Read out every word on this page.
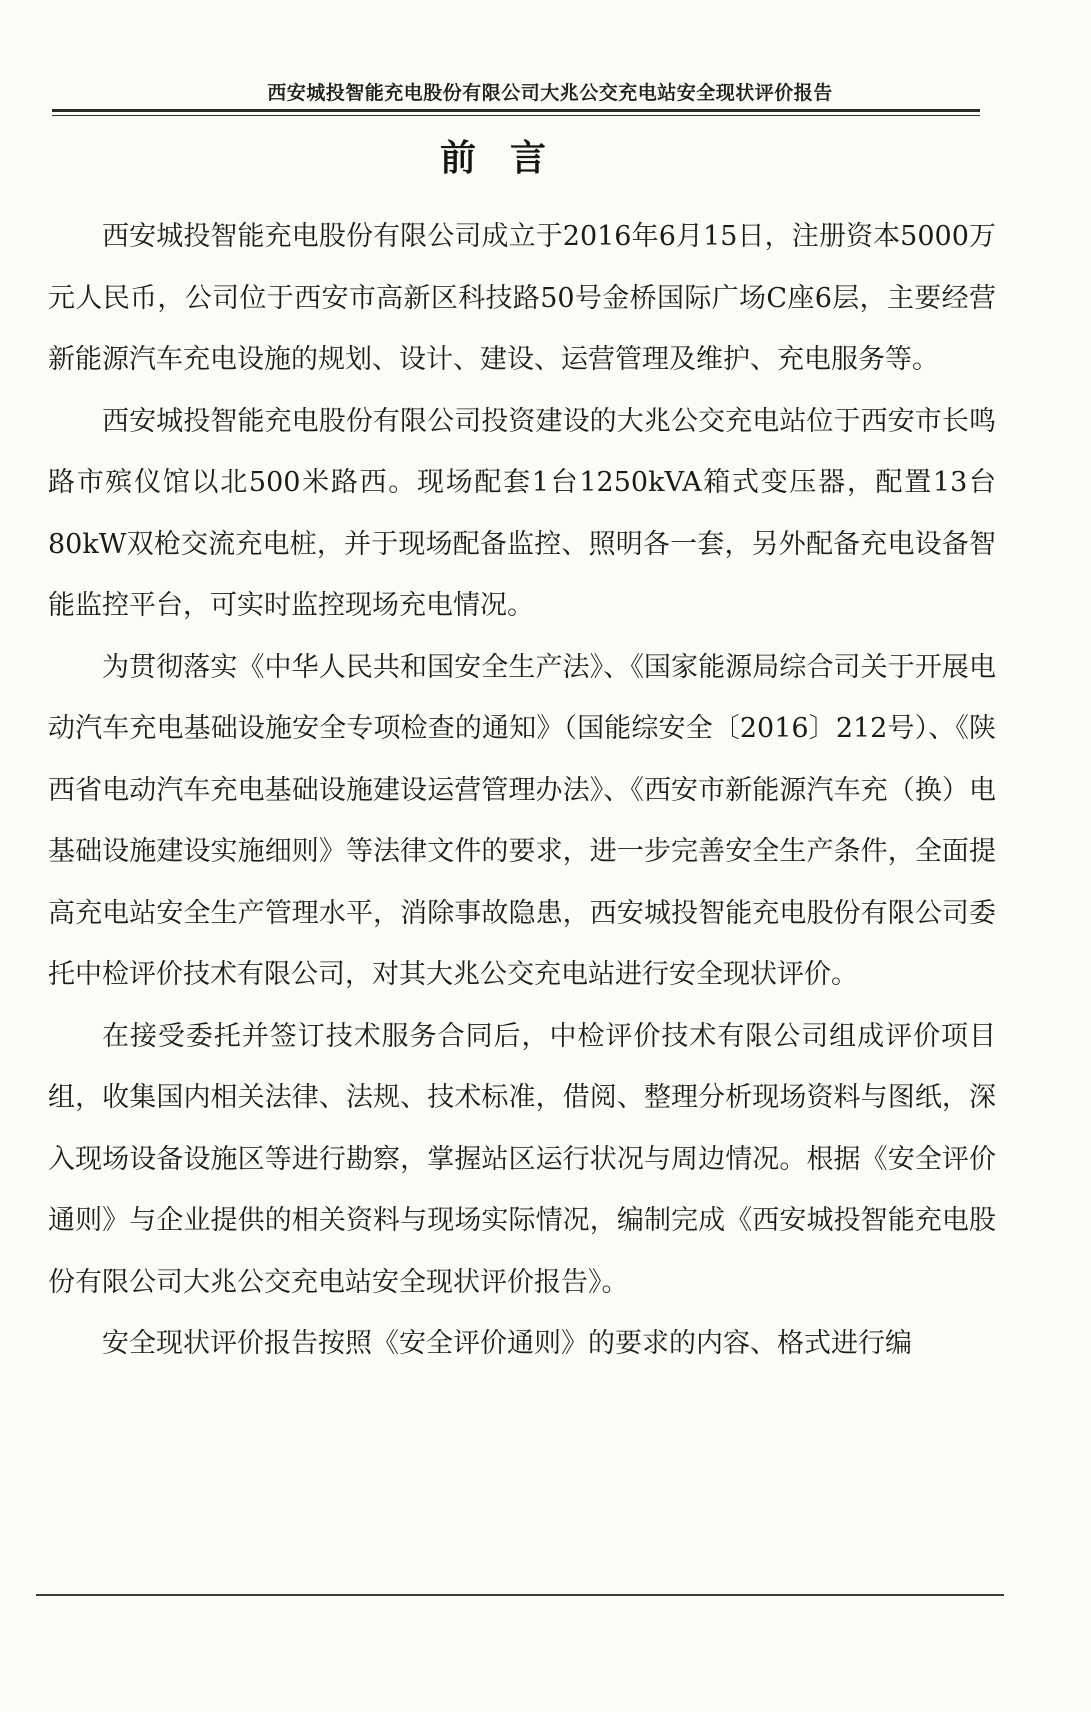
西安城投智能充电股份有限公司大兆公交充电站安全现状评价报告
前言

西安城投智能充电股份有限公司成立于2016年6月15日，注册资本5000万元人民币，公司位于西安市高新区科技路50号金桥国际广场C座6层，主要经营新能源汽车充电设施的规划、设计、建设、运营管理及维护、充电服务等。

西安城投智能充电股份有限公司投资建设的大兆公交充电站位于西安市长鸣路市殡仪馆以北500米路西。现场配套1台1250kVA箱式变压器，配置13台80kW双枪交流充电桩，并于现场配备监控、照明各一套，另外配备充电设备智能监控平台，可实时监控现场充电情况。

为贯彻落实《中华人民共和国安全生产法》、《国家能源局综合司关于开展电动汽车充电基础设施安全专项检查的通知》（国能综安全〔2016〕212号）、《陕西省电动汽车充电基础设施建设运营管理办法》、《西安市新能源汽车充（换）电基础设施建设实施细则》等法律文件的要求，进一步完善安全生产条件，全面提高充电站安全生产管理水平，消除事故隐患，西安城投智能充电股份有限公司委托中检评价技术有限公司，对其大兆公交充电站进行安全现状评价。

在接受委托并签订技术服务合同后，中检评价技术有限公司组成评价项目组，收集国内相关法律、法规、技术标准，借阅、整理分析现场资料与图纸，深入现场设备设施区等进行勘察，掌握站区运行状况与周边情况。根据《安全评价通则》与企业提供的相关资料与现场实际情况，编制完成《西安城投智能充电股份有限公司大兆公交充电站安全现状评价报告》。

安全现状评价报告按照《安全评价通则》的要求的内容、格式进行编
